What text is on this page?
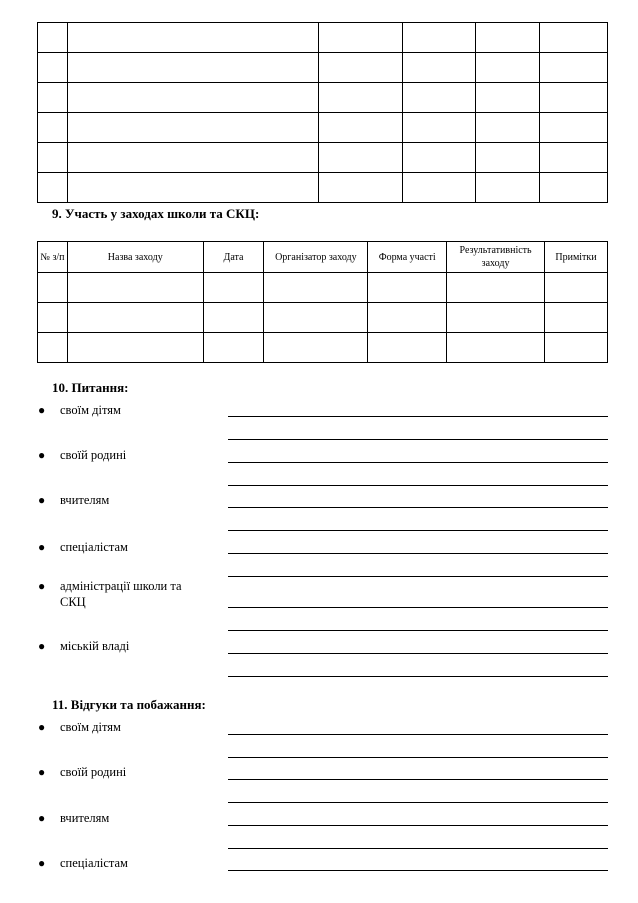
9. Участь у заходах школи та СКЦ:
№ з/п	Назва заходу	Дата	Організатор заходу	Форма участі	Результативність заходу	Примітки

10. Питання:
● своїм дітям
● своїй родині
● вчителям
● спеціалістам
● адміністрації школи та СКЦ
● міській владі
11. Відгуки та побажання:
● своїм дітям
● своїй родині
● вчителям
● спеціалістам
